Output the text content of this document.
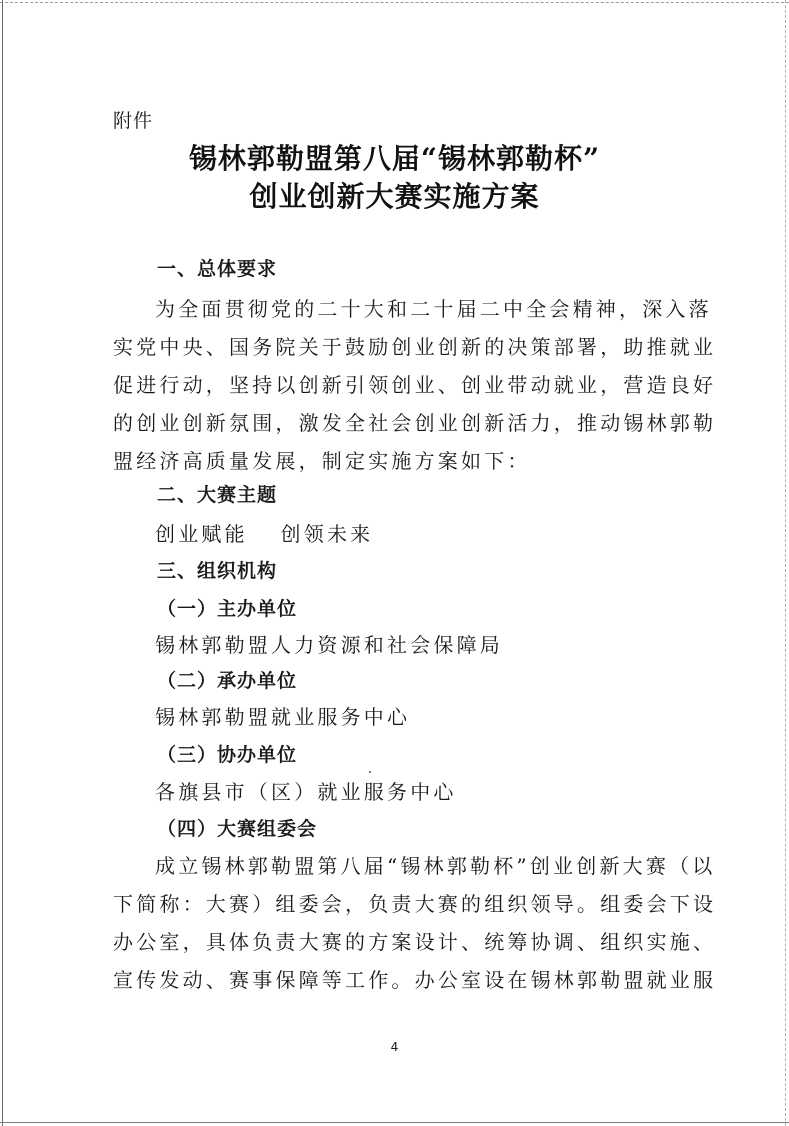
附件
锡林郭勒盟第八届“锡林郭勒杯”
创业创新大赛实施方案
一、总体要求
为全面贯彻党的二十大和二十届二中全会精神，深入落
实党中央、国务院关于鼓励创业创新的决策部署，助推就业
促进行动，坚持以创新引领创业、创业带动就业，营造良好
的创业创新氛围，激发全社会创业创新活力，推动锡林郭勒
盟经济高质量发展，制定实施方案如下：
二、大赛主题
创业赋能　 创领未来
三、组织机构
（一）主办单位
锡林郭勒盟人力资源和社会保障局
（二）承办单位
锡林郭勒盟就业服务中心
（三）协办单位
各旗县市（区）就业服务中心
（四）大赛组委会
成立锡林郭勒盟第八届“锡林郭勒杯”创业创新大赛（以
下简称：大赛）组委会，负责大赛的组织领导。组委会下设
办公室，具体负责大赛的方案设计、统筹协调、组织实施、
宣传发动、赛事保障等工作。办公室设在锡林郭勒盟就业服
4
